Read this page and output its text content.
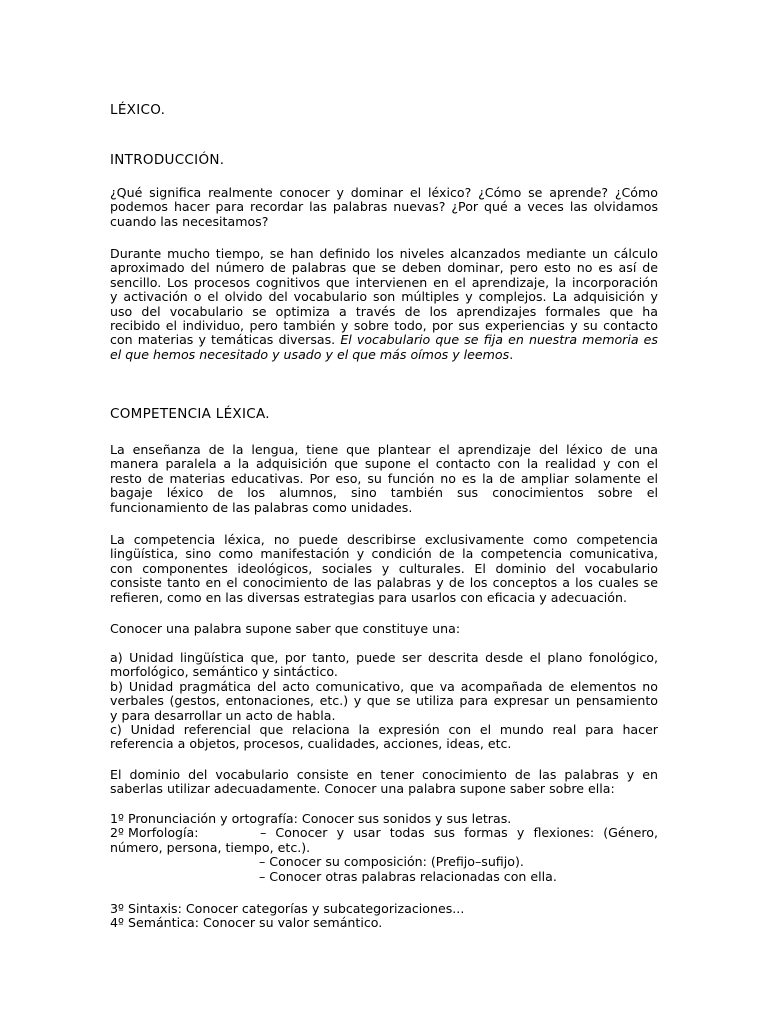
LÉXICO.
INTRODUCCIÓN.
¿Qué significa realmente conocer y dominar el léxico? ¿Cómo se aprende? ¿Cómo
podemos hacer para recordar las palabras nuevas? ¿Por qué a veces las olvidamos
cuando las necesitamos?
Durante mucho tiempo, se han definido los niveles alcanzados mediante un cálculo
aproximado del número de palabras que se deben dominar, pero esto no es así de
sencillo. Los procesos cognitivos que intervienen en el aprendizaje, la incorporación
y activación o el olvido del vocabulario son múltiples y complejos. La adquisición y
uso del vocabulario se optimiza a través de los aprendizajes formales que ha
recibido el individuo, pero también y sobre todo, por sus experiencias y su contacto
con materias y temáticas diversas. El vocabulario que se fija en nuestra memoria es
el que hemos necesitado y usado y el que más oímos y leemos.
COMPETENCIA LÉXICA.
La enseñanza de la lengua, tiene que plantear el aprendizaje del léxico de una
manera paralela a la adquisición que supone el contacto con la realidad y con el
resto de materias educativas. Por eso, su función no es la de ampliar solamente el
bagaje léxico de los alumnos, sino también sus conocimientos sobre el
funcionamiento de las palabras como unidades.
La competencia léxica, no puede describirse exclusivamente como competencia
lingüística, sino como manifestación y condición de la competencia comunicativa,
con componentes ideológicos, sociales y culturales. El dominio del vocabulario
consiste tanto en el conocimiento de las palabras y de los conceptos a los cuales se
refieren, como en las diversas estrategias para usarlos con eficacia y adecuación.
Conocer una palabra supone saber que constituye una:
a) Unidad lingüística que, por tanto, puede ser descrita desde el plano fonológico,
morfológico, semántico y sintáctico.
b) Unidad pragmática del acto comunicativo, que va acompañada de elementos no
verbales (gestos, entonaciones, etc.) y que se utiliza para expresar un pensamiento
y para desarrollar un acto de habla.
c) Unidad referencial que relaciona la expresión con el mundo real para hacer
referencia a objetos, procesos, cualidades, acciones, ideas, etc.
El dominio del vocabulario consiste en tener conocimiento de las palabras y en
saberlas utilizar adecuadamente. Conocer una palabra supone saber sobre ella:
1º Pronunciación y ortografía: Conocer sus sonidos y sus letras.
2º Morfología:	– Conocer y usar todas sus formas y flexiones: (Género,
número, persona, tiempo, etc.).
– Conocer su composición: (Prefijo–sufijo).
– Conocer otras palabras relacionadas con ella.
3º Sintaxis: Conocer categorías y subcategorizaciones...
4º Semántica: Conocer su valor semántico.
